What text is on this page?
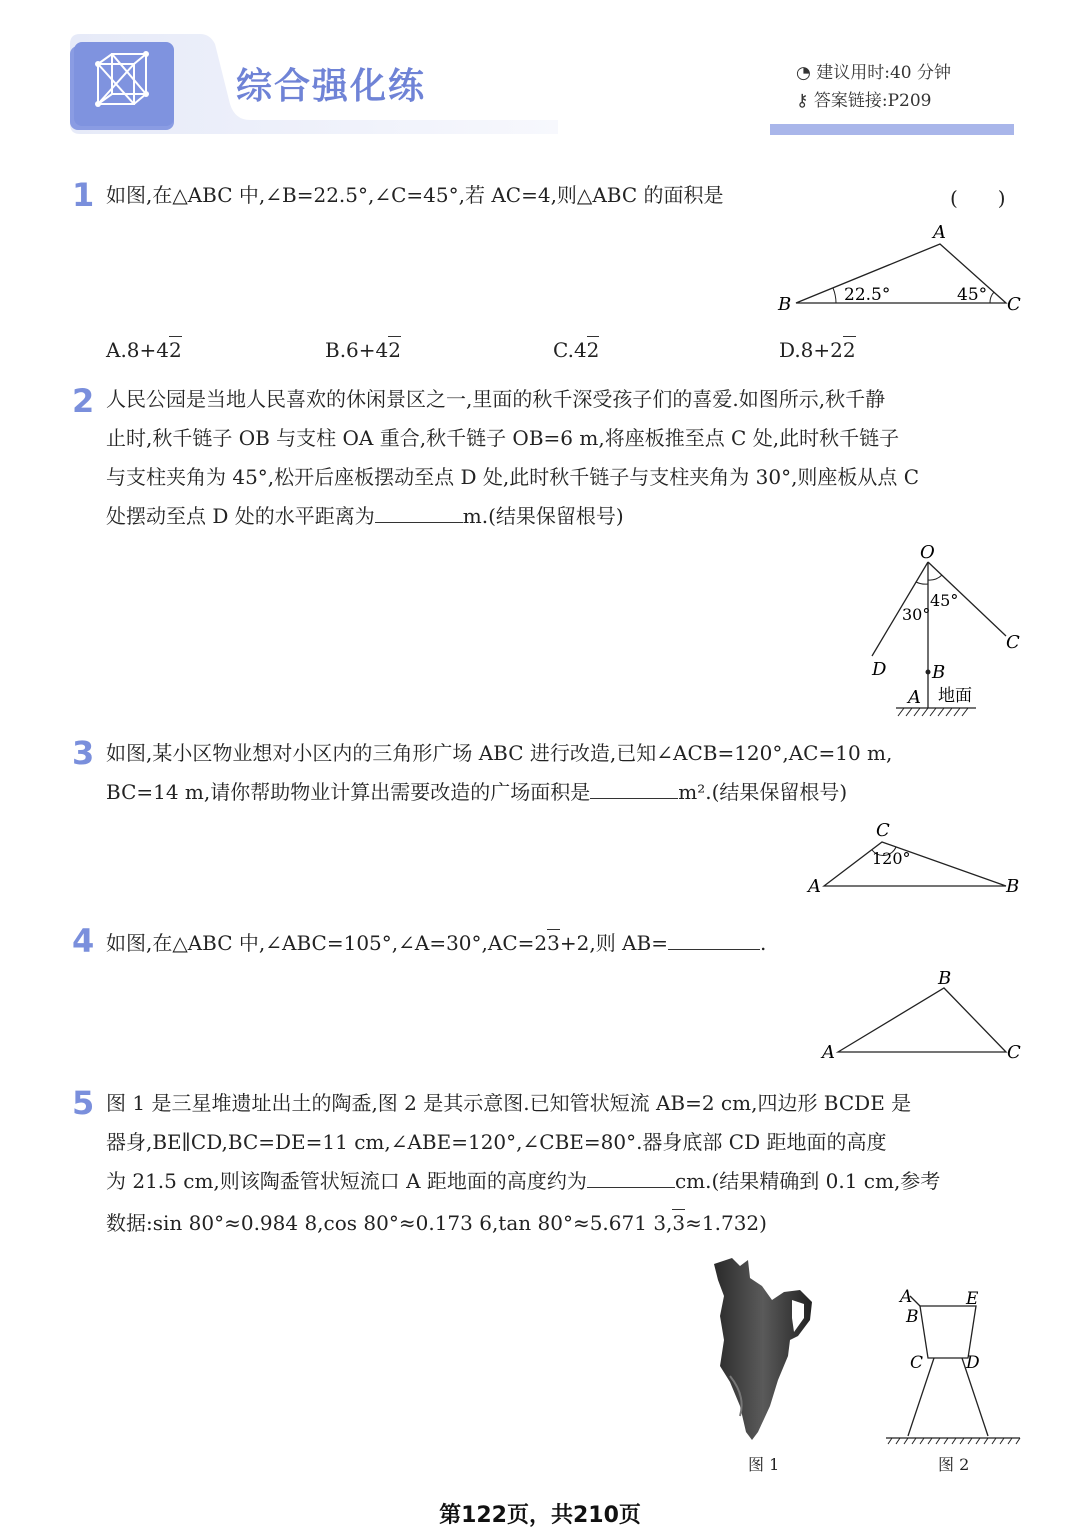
综合强化练	◔ 建议用时:40 分钟
⚷ 答案链接:P209
1 如图,在△ABC 中,∠B=22.5°,∠C=45°,若 AC=4,则△ABC 的面积是	(　　)
A
B	C
22.5°	45°
A.8+42	B.6+42	C.42	D.8+22
2 人民公园是当地人民喜欢的休闲景区之一,里面的秋千深受孩子们的喜爱.如图所示,秋千静
止时,秋千链子 OB 与支柱 OA 重合,秋千链子 OB=6 m,将座板推至点 C 处,此时秋千链子
与支柱夹角为 45°,松开后座板摆动至点 D 处,此时秋千链子与支柱夹角为 30°,则座板从点 C
处摆动至点 D 处的水平距离为	m.(结果保留根号)
O
D
C
B
A 地面
30°
45°
3 如图,某小区物业想对小区内的三角形广场 ABC 进行改造,已知∠ACB=120°,AC=10 m,
BC=14 m,请你帮助物业计算出需要改造的广场面积是	m².(结果保留根号)
C
A	B
120°
4 如图,在△ABC 中,∠ABC=105°,∠A=30°,AC=23+2,则 AB=	.
B
A	C
5 图 1 是三星堆遗址出土的陶盉,图 2 是其示意图.已知管状短流 AB=2 cm,四边形 BCDE 是
器身,BE∥CD,BC=DE=11 cm,∠ABE=120°,∠CBE=80°.器身底部 CD 距地面的高度
为 21.5 cm,则该陶盉管状短流口 A 距地面的高度约为	cm.(结果精确到 0.1 cm,参考
数据:sin 80°≈0.984 8,cos 80°≈0.173 6,tan 80°≈5.671 3,3≈1.732)
图 1
A
B
E
C	D
图 2
第122页，共210页
